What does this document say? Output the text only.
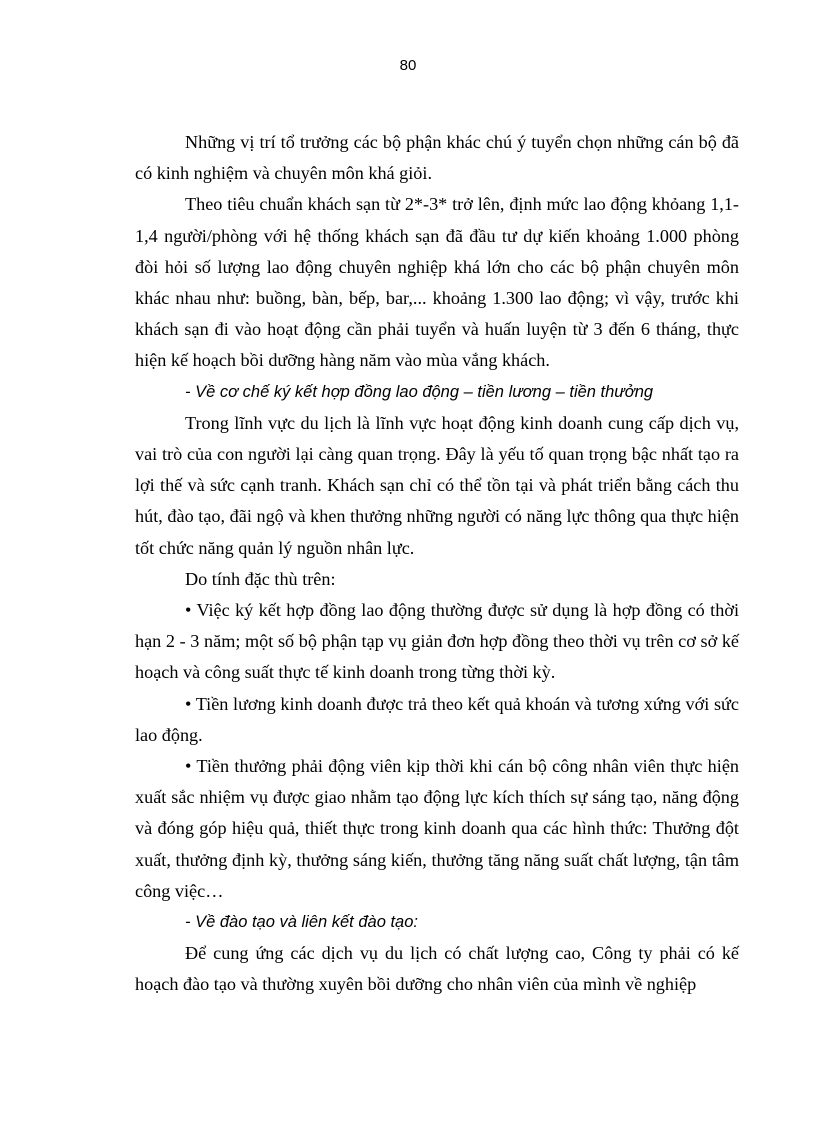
80

Những vị trí tổ trưởng các bộ phận khác chú ý tuyển chọn những cán bộ đã có kinh nghiệm và chuyên môn khá giỏi.

Theo tiêu chuẩn khách sạn từ 2*-3* trở lên, định mức lao động khỏang 1,1-1,4 người/phòng với hệ thống khách sạn đã đầu tư dự kiến khoảng 1.000 phòng đòi hỏi số lượng lao động chuyên nghiệp khá lớn cho các bộ phận chuyên môn khác nhau như: buồng, bàn, bếp, bar,... khoảng 1.300 lao động; vì vậy, trước khi khách sạn đi vào hoạt động cần phải tuyển và huấn luyện từ 3 đến 6 tháng, thực hiện kế hoạch bồi dưỡng hàng năm vào mùa vắng khách.

- Về cơ chế ký kết hợp đồng lao động – tiền lương – tiền thưởng

Trong lĩnh vực du lịch là lĩnh vực hoạt động kinh doanh cung cấp dịch vụ, vai trò của con người lại càng quan trọng. Đây là yếu tố quan trọng bậc nhất tạo ra lợi thế và sức cạnh tranh. Khách sạn chỉ có thể tồn tại và phát triển bằng cách thu hút, đào tạo, đãi ngộ và khen thưởng những người có năng lực thông qua thực hiện tốt chức năng quản lý nguồn nhân lực.

Do tính đặc thù trên:

• Việc ký kết hợp đồng lao động thường được sử dụng là hợp đồng có thời hạn 2 - 3 năm; một số bộ phận tạp vụ giản đơn hợp đồng theo thời vụ trên cơ sở kế hoạch và công suất thực tế kinh doanh trong từng thời kỳ.

• Tiền lương kinh doanh được trả theo kết quả khoán và tương xứng với sức lao động.

• Tiền thưởng phải động viên kịp thời khi cán bộ công nhân viên thực hiện xuất sắc nhiệm vụ được giao nhằm tạo động lực kích thích sự sáng tạo, năng động và đóng góp hiệu quả, thiết thực trong kinh doanh qua các hình thức: Thưởng đột xuất, thưởng định kỳ, thưởng sáng kiến, thưởng tăng năng suất chất lượng, tận tâm công việc…

- Về đào tạo và liên kết đào tạo:

Để cung ứng các dịch vụ du lịch có chất lượng cao, Công ty phải có kế hoạch đào tạo và thường xuyên bồi dưỡng cho nhân viên của mình về nghiệp
